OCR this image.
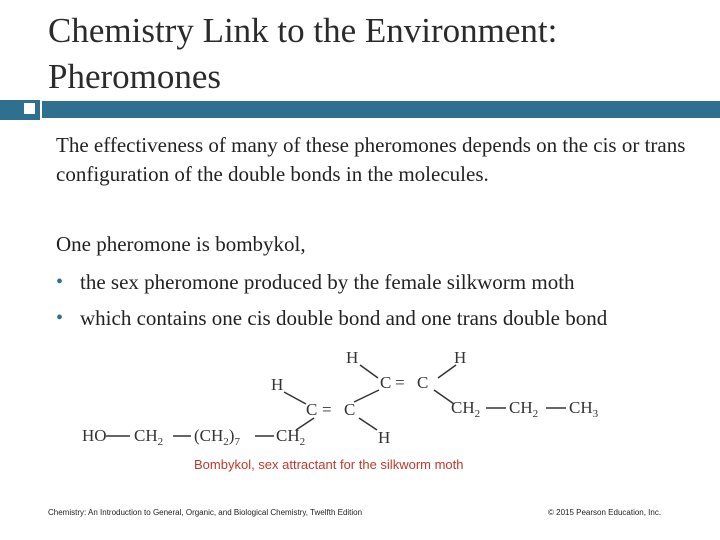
Chemistry Link to the Environment: Pheromones
The effectiveness of many of these pheromones depends on the cis or trans configuration of the double bonds in the molecules.
One pheromone is bombykol,
• the sex pheromone produced by the female silkworm moth
• which contains one cis double bond and one trans double bond
H	H
H	C = C
C = C
H
$CH_2$ $CH_2$ $CH_3$
HO $CH_2$ $(CH_2)_7$ $CH_2$
Bombykol, sex attractant for the silkworm moth
Chemistry: An Introduction to General, Organic, and Biological Chemistry, Twelfth Edition	© 2015 Pearson Education, Inc.
